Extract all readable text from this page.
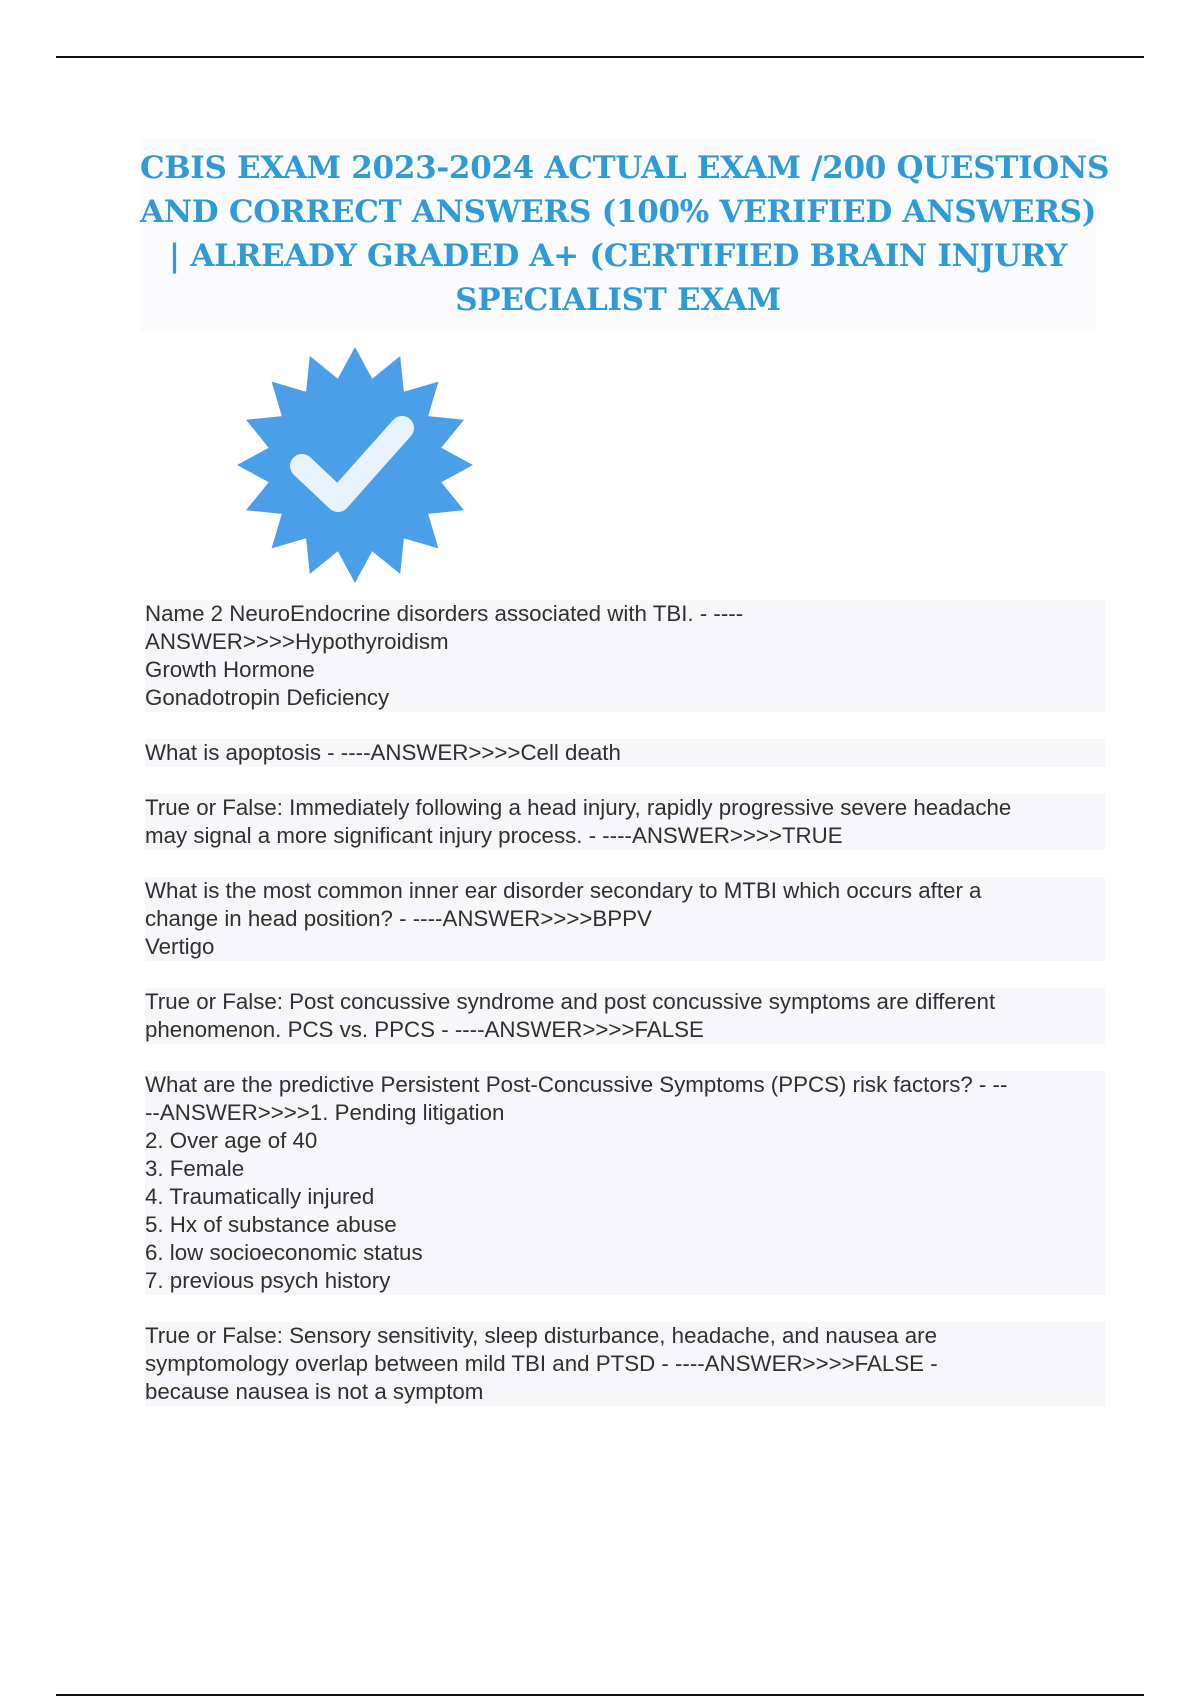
CBIS EXAM 2023-2024 ACTUAL EXAM /200 QUESTIONS
AND CORRECT ANSWERS (100% VERIFIED ANSWERS)
| ALREADY GRADED A+ (CERTIFIED BRAIN INJURY
SPECIALIST EXAM
Name 2 NeuroEndocrine disorders associated with TBI. - ----
ANSWER>>>>Hypothyroidism
Growth Hormone
Gonadotropin Deficiency
What is apoptosis - ----ANSWER>>>>Cell death
True or False: Immediately following a head injury, rapidly progressive severe headache
may signal a more significant injury process. - ----ANSWER>>>>TRUE
What is the most common inner ear disorder secondary to MTBI which occurs after a
change in head position? - ----ANSWER>>>>BPPV
Vertigo
True or False: Post concussive syndrome and post concussive symptoms are different
phenomenon. PCS vs. PPCS - ----ANSWER>>>>FALSE
What are the predictive Persistent Post-Concussive Symptoms (PPCS) risk factors? - --
--ANSWER>>>>1. Pending litigation
2. Over age of 40
3. Female
4. Traumatically injured
5. Hx of substance abuse
6. low socioeconomic status
7. previous psych history
True or False: Sensory sensitivity, sleep disturbance, headache, and nausea are
symptomology overlap between mild TBI and PTSD - ----ANSWER>>>>FALSE -
because nausea is not a symptom
